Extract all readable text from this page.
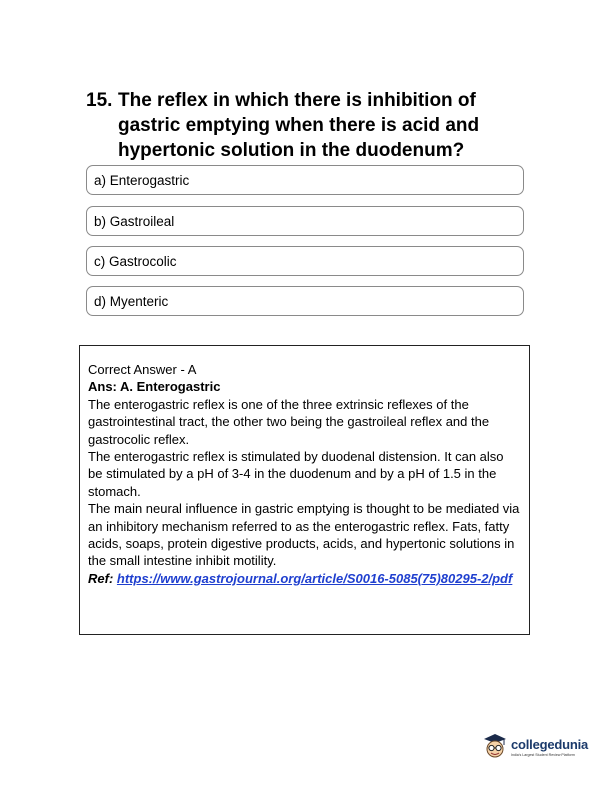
15. The reflex in which there is inhibition of gastric emptying when there is acid and hypertonic solution in the duodenum?
a) Enterogastric
b) Gastroileal
c) Gastrocolic
d) Myenteric

Correct Answer - A

Ans: A. Enterogastric

The enterogastric reflex is one of the three extrinsic reflexes of the gastrointestinal tract, the other two being the gastroileal reflex and the gastrocolic reflex.

The enterogastric reflex is stimulated by duodenal distension. It can also be stimulated by a pH of 3-4 in the duodenum and by a pH of 1.5 in the stomach.

The main neural influence in gastric emptying is thought to be mediated via an inhibitory mechanism referred to as the enterogastric reflex. Fats, fatty acids, soaps, protein digestive products, acids, and hypertonic solutions in the small intestine inhibit motility.

Ref: https://www.gastrojournal.org/article/S0016-5085(75)80295-2/pdf

collegedunia
India's Largest Student Review Platform
